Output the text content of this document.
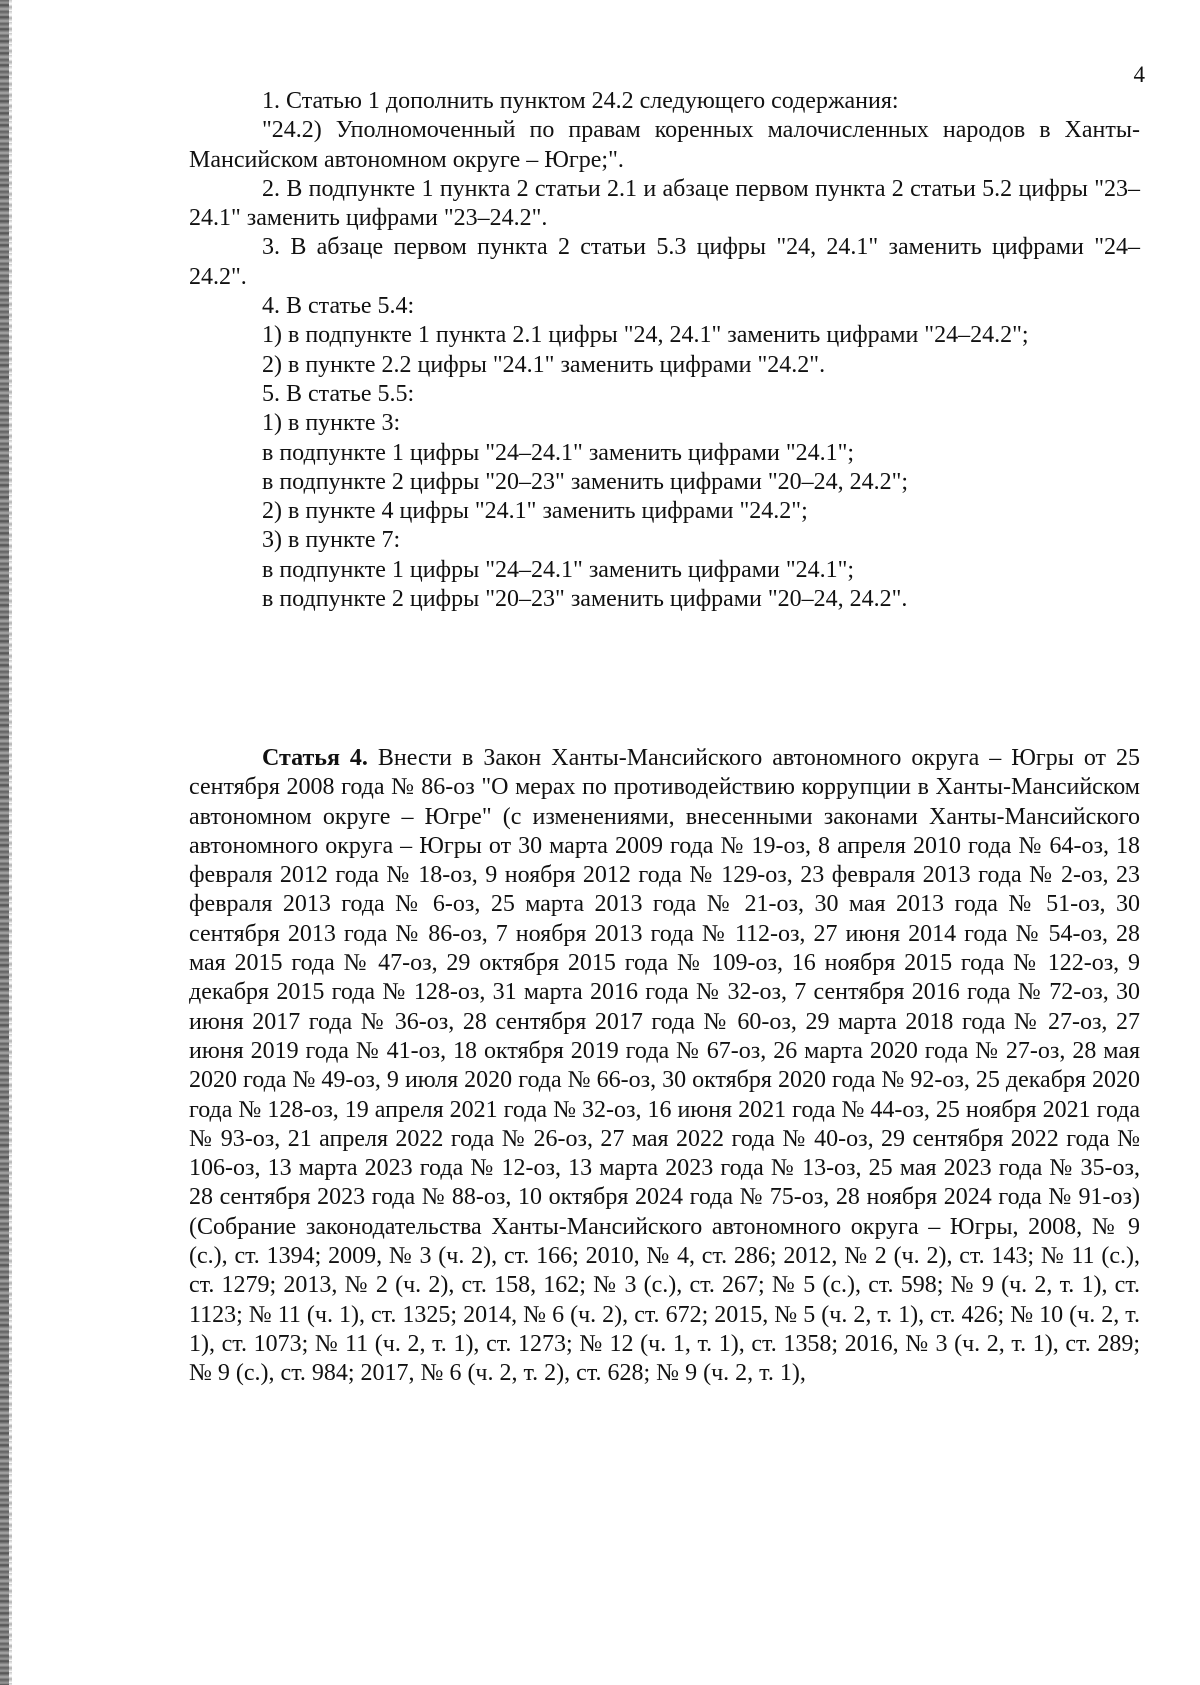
4

1. Статью 1 дополнить пунктом 24.2 следующего содержания:

"24.2) Уполномоченный по правам коренных малочисленных народов в Ханты-Мансийском автономном округе – Югре;".

2. В подпункте 1 пункта 2 статьи 2.1 и абзаце первом пункта 2 статьи 5.2 цифры "23–24.1" заменить цифрами "23–24.2".

3. В абзаце первом пункта 2 статьи 5.3 цифры "24, 24.1" заменить цифрами "24–24.2".

4. В статье 5.4:

1) в подпункте 1 пункта 2.1 цифры "24, 24.1" заменить цифрами "24–24.2";

2) в пункте 2.2 цифры "24.1" заменить цифрами "24.2".

5. В статье 5.5:

1) в пункте 3:

в подпункте 1 цифры "24–24.1" заменить цифрами "24.1";

в подпункте 2 цифры "20–23" заменить цифрами "20–24, 24.2";

2) в пункте 4 цифры "24.1" заменить цифрами "24.2";

3) в пункте 7:

в подпункте 1 цифры "24–24.1" заменить цифрами "24.1";

в подпункте 2 цифры "20–23" заменить цифрами "20–24, 24.2".

Статья 4. Внести в Закон Ханты-Мансийского автономного округа – Югры от 25 сентября 2008 года № 86-оз "О мерах по противодействию коррупции в Ханты-Мансийском автономном округе – Югре" (с изменениями, внесенными законами Ханты-Мансийского автономного округа – Югры от 30 марта 2009 года № 19-оз, 8 апреля 2010 года № 64-оз, 18 февраля 2012 года № 18-оз, 9 ноября 2012 года № 129-оз, 23 февраля 2013 года № 2-оз, 23 февраля 2013 года № 6-оз, 25 марта 2013 года № 21-оз, 30 мая 2013 года № 51-оз, 30 сентября 2013 года № 86-оз, 7 ноября 2013 года № 112-оз, 27 июня 2014 года № 54-оз, 28 мая 2015 года № 47-оз, 29 октября 2015 года № 109-оз, 16 ноября 2015 года № 122-оз, 9 декабря 2015 года № 128-оз, 31 марта 2016 года № 32-оз, 7 сентября 2016 года № 72-оз, 30 июня 2017 года № 36-оз, 28 сентября 2017 года № 60-оз, 29 марта 2018 года № 27-оз, 27 июня 2019 года № 41-оз, 18 октября 2019 года № 67-оз, 26 марта 2020 года № 27-оз, 28 мая 2020 года № 49-оз, 9 июля 2020 года № 66-оз, 30 октября 2020 года № 92-оз, 25 декабря 2020 года № 128-оз, 19 апреля 2021 года № 32-оз, 16 июня 2021 года № 44-оз, 25 ноября 2021 года № 93-оз, 21 апреля 2022 года № 26-оз, 27 мая 2022 года № 40-оз, 29 сентября 2022 года № 106-оз, 13 марта 2023 года № 12-оз, 13 марта 2023 года № 13-оз, 25 мая 2023 года № 35-оз, 28 сентября 2023 года № 88-оз, 10 октября 2024 года № 75-оз, 28 ноября 2024 года № 91-оз) (Собрание законодательства Ханты-Мансийского автономного округа – Югры, 2008, № 9 (с.), ст. 1394; 2009, № 3 (ч. 2), ст. 166; 2010, № 4, ст. 286; 2012, № 2 (ч. 2), ст. 143; № 11 (с.), ст. 1279; 2013, № 2 (ч. 2), ст. 158, 162; № 3 (с.), ст. 267; № 5 (с.), ст. 598; № 9 (ч. 2, т. 1), ст. 1123; № 11 (ч. 1), ст. 1325; 2014, № 6 (ч. 2), ст. 672; 2015, № 5 (ч. 2, т. 1), ст. 426; № 10 (ч. 2, т. 1), ст. 1073; № 11 (ч. 2, т. 1), ст. 1273; № 12 (ч. 1, т. 1), ст. 1358; 2016, № 3 (ч. 2, т. 1), ст. 289; № 9 (с.), ст. 984; 2017, № 6 (ч. 2, т. 2), ст. 628; № 9 (ч. 2, т. 1),
